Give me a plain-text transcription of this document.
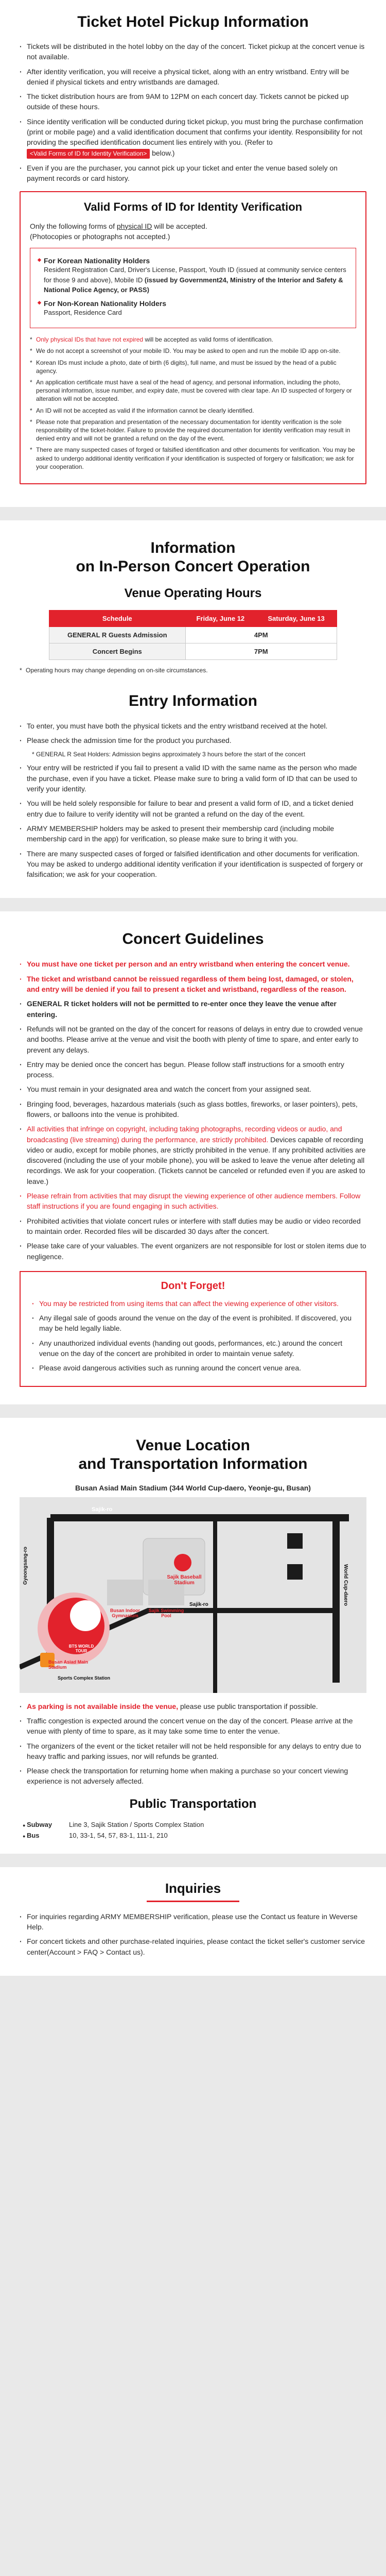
Ticket Hotel Pickup Information

· Tickets will be distributed in the hotel lobby on the day of the concert. Ticket pickup at the concert venue is not available.

· After identity verification, you will receive a physical ticket, along with an entry wristband. Entry will be denied if physical tickets and entry wristbands are damaged.

· The ticket distribution hours are from 9AM to 12PM on each concert day. Tickets cannot be picked up outside of these hours.

· Since identity verification will be conducted during ticket pickup, you must bring the purchase confirmation (print or mobile page) and a valid identification document that confirms your identity. Responsibility for not providing the specified identification document lies entirely with you. (Refer to <Valid Forms of ID for Identity Verification> below.)

· Even if you are the purchaser, you cannot pick up your ticket and enter the venue based solely on payment records or card history.

Valid Forms of ID for Identity Verification
Only the following forms of physical ID will be accepted.
(Photocopies or photographs not accepted.)
◆ For Korean Nationality Holders
Resident Registration Card, Driver's License, Passport, Youth ID (issued at community service centers for those 9 and above), Mobile ID (issued by Government24, Ministry of the Interior and Safety & National Police Agency, or PASS)
◆ For Non-Korean Nationality Holders
Passport, Residence Card

* Only physical IDs that have not expired will be accepted as valid forms of identification.

* We do not accept a screenshot of your mobile ID. You may be asked to open and run the mobile ID app on-site.

* Korean IDs must include a photo, date of birth (6 digits), full name, and must be issued by the head of a public agency.

* An application certificate must have a seal of the head of agency, and personal information, including the photo, personal information, issue number, and expiry date, must be covered with clear tape. An ID suspected of forgery or alteration will not be accepted.

* An ID will not be accepted as valid if the information cannot be clearly identified.

* Please note that preparation and presentation of the necessary documentation for identity verification is the sole responsibility of the ticket-holder. Failure to provide the required documentation for identity verification may result in denied entry and will not be granted a refund on the day of the event.

* There are many suspected cases of forged or falsified identification and other documents for verification. You may be asked to undergo additional identity verification if your identification is suspected of forgery or falsification; we ask for your cooperation.

Information
on In-Person Concert Operation
Venue Operating Hours
Schedule	Friday, June 12	Saturday, June 13
GENERAL R Guests Admission	4PM	
Concert Begins	7PM	

* Operating hours may change depending on on-site circumstances.

Entry Information

· To enter, you must have both the physical tickets and the entry wristband received at the hotel.

· Please check the admission time for the product you purchased.

* GENERAL R Seat Holders: Admission begins approximately 3 hours before the start of the concert

· Your entry will be restricted if you fail to present a valid ID with the same name as the person who made the purchase, even if you have a ticket. Please make sure to bring a valid form of ID that can be used to verify your identity.

· You will be held solely responsible for failure to bear and present a valid form of ID, and a ticket denied entry due to failure to verify identity will not be granted a refund on the day of the event.

· ARMY MEMBERSHIP holders may be asked to present their membership card (including mobile membership card in the app) for verification, so please make sure to bring it with you.

· There are many suspected cases of forged or falsified identification and other documents for verification. You may be asked to undergo additional identity verification if your identification is suspected of forgery or falsification; we ask for your cooperation.

Concert Guidelines

· You must have one ticket per person and an entry wristband when entering the concert venue.

· The ticket and wristband cannot be reissued regardless of them being lost, damaged, or stolen, and entry will be denied if you fail to present a ticket and wristband, regardless of the reason.

· GENERAL R ticket holders will not be permitted to re-enter once they leave the venue after entering.

· Refunds will not be granted on the day of the concert for reasons of delays in entry due to crowded venue and booths. Please arrive at the venue and visit the booth with plenty of time to spare, and enter early to prevent any delays.

· Entry may be denied once the concert has begun. Please follow staff instructions for a smooth entry process.

· You must remain in your designated area and watch the concert from your assigned seat.

· Bringing food, beverages, hazardous materials (such as glass bottles, fireworks, or laser pointers), pets, flowers, or balloons into the venue is prohibited.

· All activities that infringe on copyright, including taking photographs, recording videos or audio, and broadcasting (live streaming) during the performance, are strictly prohibited. Devices capable of recording video or audio, except for mobile phones, are strictly prohibited in the venue. If any prohibited activities are discovered (including the use of your mobile phone), you will be asked to leave the venue after deleting all recordings. We ask for your cooperation. (Tickets cannot be canceled or refunded even if you are asked to leave.)

· Please refrain from activities that may disrupt the viewing experience of other audience members. Follow staff instructions if you are found engaging in such activities.

· Prohibited activities that violate concert rules or interfere with staff duties may be audio or video recorded to maintain order. Recorded files will be discarded 30 days after the concert.

· Please take care of your valuables. The event organizers are not responsible for lost or stolen items due to negligence.

Don't Forget!

· You may be restricted from using items that can affect the viewing experience of other visitors.

· Any illegal sale of goods around the venue on the day of the event is prohibited. If discovered, you may be held legally liable.

· Any unauthorized individual events (handing out goods, performances, etc.) around the concert venue on the day of the concert are prohibited in order to maintain venue safety.

· Please avoid dangerous activities such as running around the concert venue area.

Venue Location
and Transportation Information
Busan Asiad Main Stadium (344 World Cup-daero, Yeonje-gu, Busan)
Sajik-ro
Gyeongsang-ro	World Cup-daero
Sajik-ro
Sajik Baseball Stadium
Busan Indoor Gymnasium
Sajik Swimming Pool
BTS WORLD TOUR
Busan Asiad Main Stadium
Sports Complex Station

· As parking is not available inside the venue, please use public transportation if possible.

· Traffic congestion is expected around the concert venue on the day of the concert. Please arrive at the venue with plenty of time to spare, as it may take some time to enter the venue.

· The organizers of the event or the ticket retailer will not be held responsible for any delays to entry due to heavy traffic and parking issues, nor will refunds be granted.

· Please check the transportation for returning home when making a purchase so your concert viewing experience is not adversely affected.

Public Transportation
● Subway	Line 3, Sajik Station / Sports Complex Station
● Bus	10, 33-1, 54, 57, 83-1, 111-1, 210
Inquiries

· For inquiries regarding ARMY MEMBERSHIP verification, please use the Contact us feature in Weverse Help.

· For concert tickets and other purchase-related inquiries, please contact the ticket seller's customer service center(Account > FAQ > Contact us).
